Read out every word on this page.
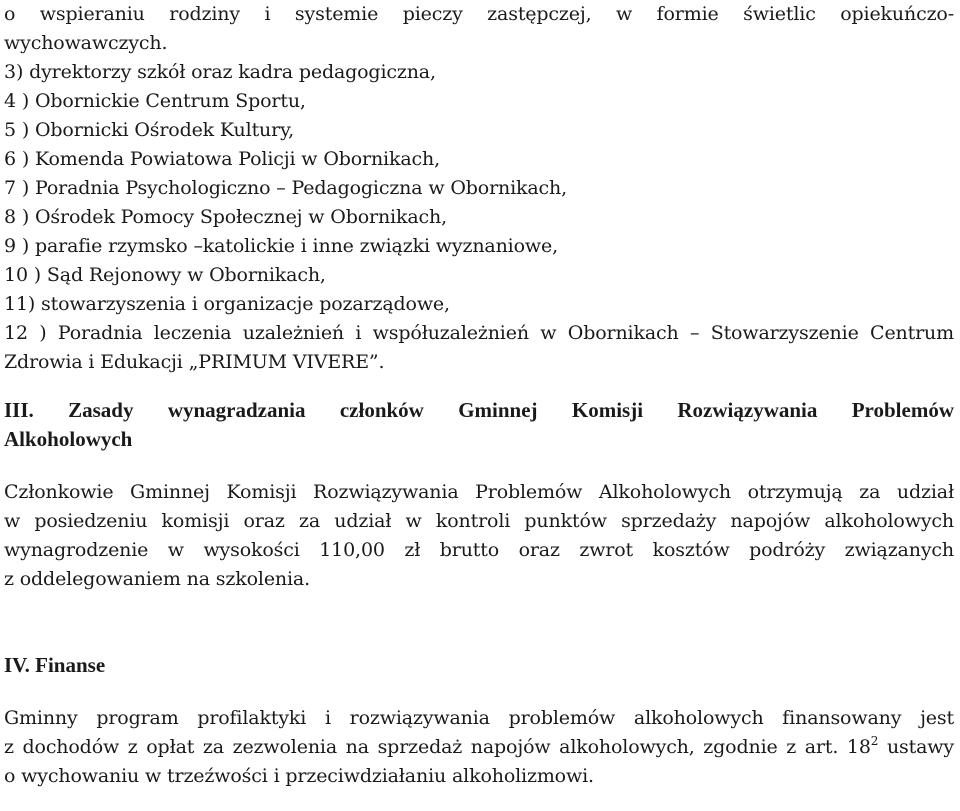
o wspieraniu rodziny i systemie pieczy zastępczej, w formie świetlic opiekuńczo-
wychowawczych.
3) dyrektorzy szkół oraz kadra pedagogiczna,
4 ) Obornickie Centrum Sportu,
5 ) Obornicki Ośrodek Kultury,
6 ) Komenda Powiatowa Policji w Obornikach,
7 ) Poradnia Psychologiczno – Pedagogiczna w Obornikach,
8 ) Ośrodek Pomocy Społecznej w Obornikach,
9 ) parafie rzymsko –katolickie i inne związki wyznaniowe,
10 ) Sąd Rejonowy w Obornikach,
11) stowarzyszenia i organizacje pozarządowe,
12 ) Poradnia leczenia uzależnień i współuzależnień w Obornikach – Stowarzyszenie Centrum
Zdrowia i Edukacji „PRIMUM VIVERE”.
III. Zasady wynagradzania członków Gminnej Komisji Rozwiązywania Problemów
Alkoholowych
Członkowie Gminnej Komisji Rozwiązywania Problemów Alkoholowych otrzymują za udział
w posiedzeniu komisji oraz za udział w kontroli punktów sprzedaży napojów alkoholowych
wynagrodzenie w wysokości 110,00 zł brutto oraz zwrot kosztów podróży związanych
z oddelegowaniem na szkolenia.
IV. Finanse
Gminny program profilaktyki i rozwiązywania problemów alkoholowych finansowany jest
z dochodów z opłat za zezwolenia na sprzedaż napojów alkoholowych, zgodnie z art. $18^2$ ustawy
o wychowaniu w trzeźwości i przeciwdziałaniu alkoholizmowi.
